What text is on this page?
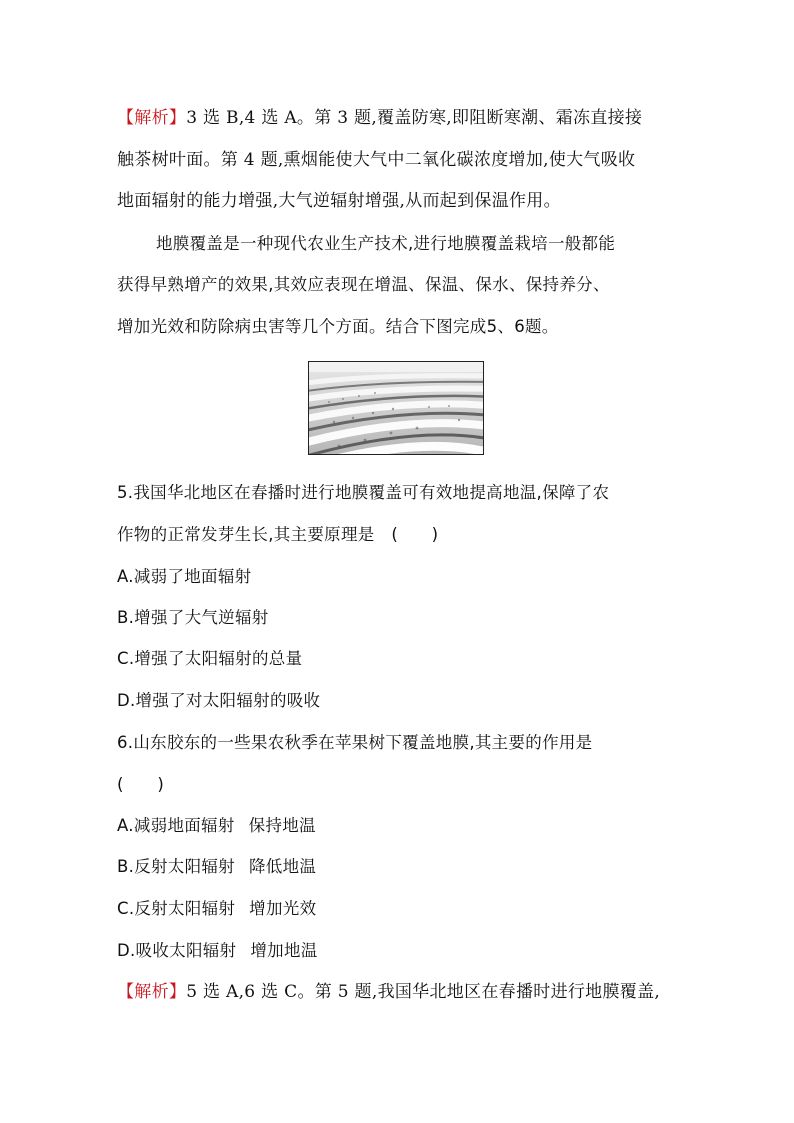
【解析】3 选 B,4 选 A。第 3 题,覆盖防寒,即阻断寒潮、霜冻直接接
触茶树叶面。第 4 题,熏烟能使大气中二氧化碳浓度增加,使大气吸收
地面辐射的能力增强,大气逆辐射增强,从而起到保温作用。
地膜覆盖是一种现代农业生产技术,进行地膜覆盖栽培一般都能
获得早熟增产的效果,其效应表现在增温、保温、保水、保持养分、
增加光效和防除病虫害等几个方面。结合下图完成5、6题。
5.我国华北地区在春播时进行地膜覆盖可有效地提高地温,保障了农
作物的正常发芽生长,其主要原理是　(　　)
A.减弱了地面辐射
B.增强了大气逆辐射
C.增强了太阳辐射的总量
D.增强了对太阳辐射的吸收
6.山东胶东的一些果农秋季在苹果树下覆盖地膜,其主要的作用是
(　　)
A.减弱地面辐射 保持地温
B.反射太阳辐射 降低地温
C.反射太阳辐射 增加光效
D.吸收太阳辐射 增加地温
【解析】5 选 A,6 选 C。第 5 题,我国华北地区在春播时进行地膜覆盖,
